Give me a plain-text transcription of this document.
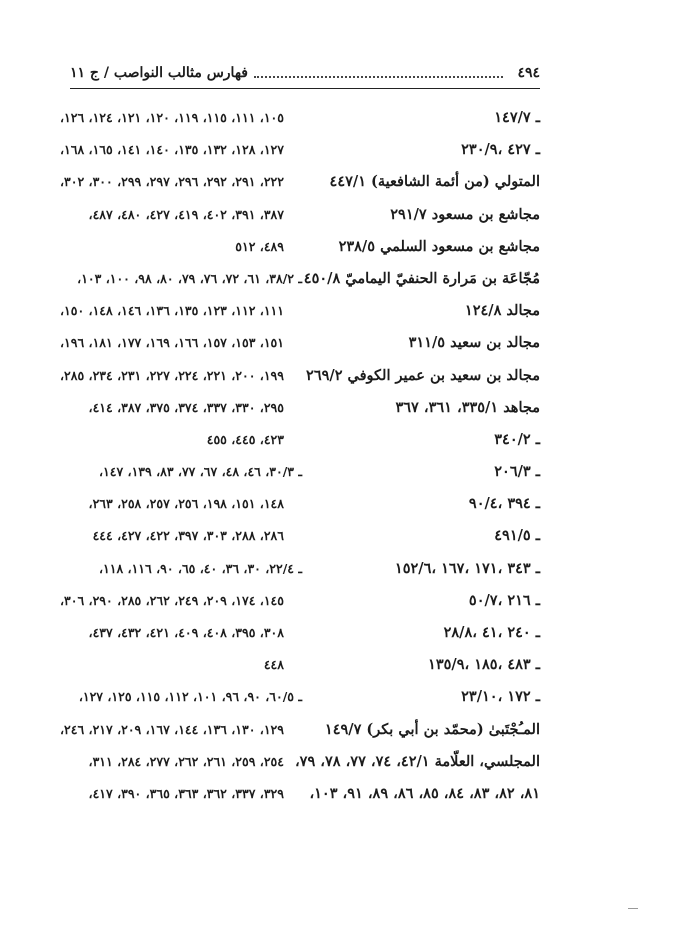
٤٩٤
فهارس مثالب النواصب / ج ١١
ـ ١٤٧/٧
ـ ٤٢٧ ،٢٣٠/٩
المتولي (من أئمة الشافعية) ٤٤٧/١
مجاشع بن مسعود ٢٩١/٧
مجاشع بن مسعود السلمي ٢٣٨/٥
مُجّاعَة بن مَرارة الحنفيّ اليماميّ ٤٥٠/٨
مجالد ١٢٤/٨
مجالد بن سعيد ٣١١/٥
مجالد بن سعيد بن عمير الكوفي ٢٦٩/٢
مجاهد ٣٣٥/١، ٣٦١، ٣٦٧
ـ ٣٤٠/٢
ـ ٢٠٦/٣
ـ ٣٩٤ ،٩٠/٤
ـ ٤٩١/٥
ـ ٣٤٣ ،١٧١ ،١٦٧ ،١٥٢/٦
ـ ٢١٦ ،٥٠/٧
ـ ٢٤٠ ،٤١ ،٢٨/٨
ـ ٤٨٣ ،١٨٥ ،١٣٥/٩
ـ ١٧٢ ،٢٣/١٠
المـُجْتَبىٰ (محمّد بن أبي بكر) ١٤٩/٧
المجلسي، العلّامة ٤٢/١، ٧٤، ٧٧، ٧٨، ٧٩،
٨١، ٨٢، ٨٣، ٨٤، ٨٥، ٨٦، ٨٩، ٩١، ١٠٣،
١٠٥، ١١١، ١١٥، ١١٩، ١٢٠، ١٢١، ١٢٤، ١٢٦،
١٢٧، ١٢٨، ١٣٢، ١٣٥، ١٤٠، ١٤١، ١٦٥، ١٦٨،
٢٢٢، ٢٩١، ٢٩٢، ٢٩٦، ٢٩٧، ٢٩٩، ٣٠٠، ٣٠٢،
٣٨٧، ٣٩١، ٤٠٢، ٤١٩، ٤٢٧، ٤٨٠، ٤٨٧،
٤٨٩، ٥١٢
ـ ٣٨/٢، ٦١، ٧٢، ٧٦، ٧٩، ٨٠، ٩٨، ١٠٠، ١٠٣،
١١١، ١١٢، ١٢٣، ١٣٥، ١٣٦، ١٤٦، ١٤٨، ١٥٠،
١٥١، ١٥٣، ١٥٧، ١٦٦، ١٦٩، ١٧٧، ١٨١، ١٩٦،
١٩٩، ٢٠٠، ٢٢١، ٢٢٤، ٢٢٧، ٢٣١، ٢٣٤، ٢٨٥،
٢٩٥، ٣٣٠، ٣٣٧، ٣٧٤، ٣٧٥، ٣٨٧، ٤١٤،
٤٢٣، ٤٤٥، ٤٥٥
ـ ٣٠/٣، ٤٦، ٤٨، ٦٧، ٧٧، ٨٣، ١٣٩، ١٤٧،
١٤٨، ١٥١، ١٩٨، ٢٥٦، ٢٥٧، ٢٥٨، ٢٦٣،
٢٨٦، ٢٨٨، ٣٠٣، ٣٩٧، ٤٢٢، ٤٢٧، ٤٤٤
ـ ٢٢/٤، ٣٠، ٣٦، ٤٠، ٦٥، ٩٠، ١١٦، ١١٨،
١٤٥، ١٧٤، ٢٠٩، ٢٤٩، ٢٦٢، ٢٨٥، ٢٩٠، ٣٠٦،
٣٠٨، ٣٩٥، ٤٠٨، ٤٠٩، ٤٢١، ٤٣٢، ٤٣٧،
٤٤٨
ـ ٦٠/٥، ٩٠، ٩٦، ١٠١، ١١٢، ١١٥، ١٢٥، ١٢٧،
١٢٩، ١٣٠، ١٣٦، ١٤٤، ١٦٧، ٢٠٩، ٢١٧، ٢٤٦،
٢٥٤، ٢٥٩، ٢٦١، ٢٦٢، ٢٧٧، ٢٨٤، ٣١١،
٣٢٩، ٣٣٧، ٣٦٢، ٣٦٣، ٣٦٥، ٣٩٠، ٤١٧،
